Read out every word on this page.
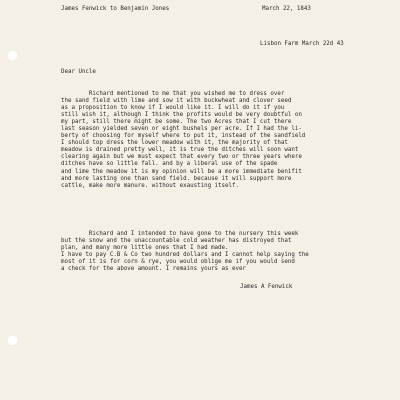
James Fenwick to Benjamin Jones	March 22, 1843
Lisbon Farm March 22d 43
Dear Uncle
Richard mentioned to me that you wished me to dress over
the sand field with lime and sow it with buckwheat and clover seed
as a proposition to know if I would like it. I will do it if you
still wish it, although I think the profits would be very doubtful on
my part, still there might be some. The two Acres that I cut there
last season yielded seven or eight bushels per acre. If I had the li-
berty of choosing for myself where to put it, instead of the sandfield
I should top dress the lower meadow with it, the majority of that
meadow is drained pretty well, it is true the ditches will soon want
clearing again but we must expect that every two or three years where
ditches have so little fall. and by a liberal use of the spade
and lime the meadow it is my opinion will be a more immediate benifit
and more lasting one than sand field. because it will support more
cattle, make more manure. without exausting itself.
Richard and I intended to have gone to the nursery this week
but the snow and the unaccountable cold weather has distroyed that
plan, and many more little ones that I had made.
I have to pay C.B & Co two hundred dollars and I cannot help saying the
most of it is for corn & rye, you would oblige me if you would send
a check for the above amount. I remains yours as ever
James A Fenwick
